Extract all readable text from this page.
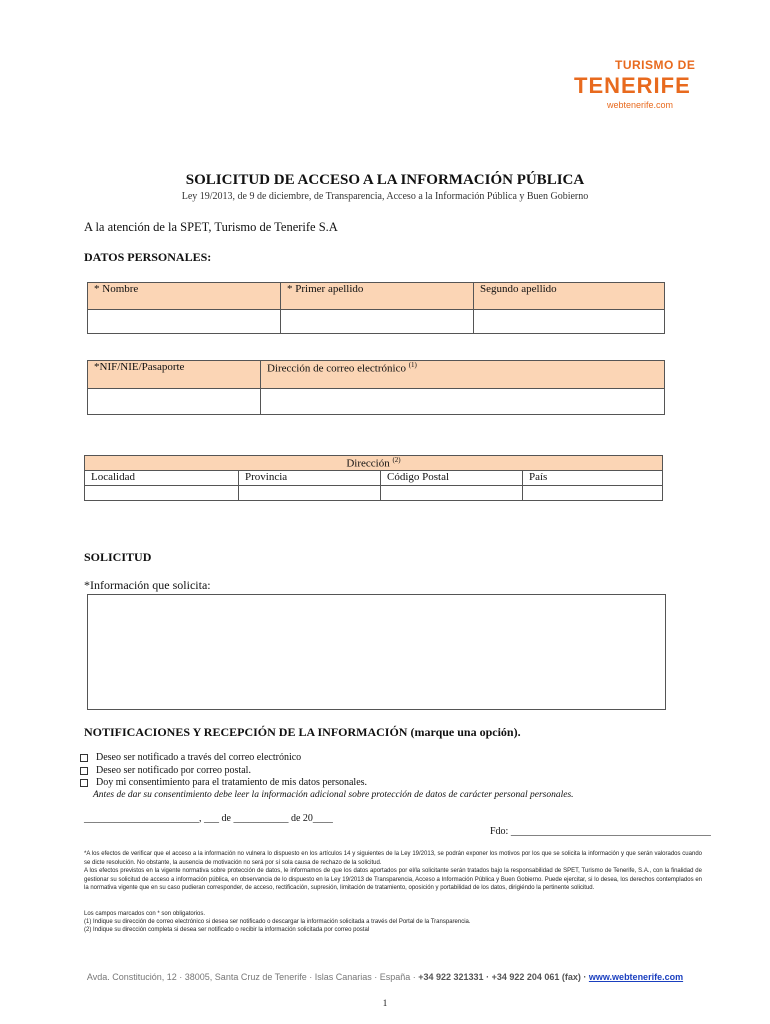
TURISMO DE
TENERIFE
webtenerife.com
SOLICITUD DE ACCESO A LA INFORMACIÓN PÚBLICA
Ley 19/2013, de 9 de diciembre, de Transparencia, Acceso a la Información Pública y Buen Gobierno
A la atención de la SPET, Turismo de Tenerife S.A
DATOS PERSONALES:
* Nombre	* Primer apellido	Segundo apellido

*NIF/NIE/Pasaporte	Dirección de correo electrónico $^{(1)}$

Dirección $^{(2)}$
Localidad	Provincia	Código Postal	País

SOLICITUD
*Información que solicita:
NOTIFICACIONES Y RECEPCIÓN DE LA INFORMACIÓN (marque una opción).
Deseo ser notificado a través del correo electrónico
Deseo ser notificado por correo postal.
Doy mi consentimiento para el tratamiento de mis datos personales.
Antes de dar su consentimiento debe leer la información adicional sobre protección de datos de carácter personal personales.
_______________________, ___ de ___________ de 20____
Fdo: ________________________________________
*A los efectos de verificar que el acceso a la información no vulnera lo dispuesto en los artículos 14 y siguientes de la Ley 19/2013, se podrán exponer los motivos por los que se solicita la información y que serán valorados cuando se dicte resolución. No obstante, la ausencia de motivación no será por sí sola causa de rechazo de la solicitud.
A los efectos previstos en la vigente normativa sobre protección de datos, le informamos de que los datos aportados por el/la solicitante serán tratados bajo la responsabilidad de SPET, Turismo de Tenerife, S.A., con la finalidad de gestionar su solicitud de acceso a información pública, en observancia de lo dispuesto en la Ley 19/2013 de Transparencia, Acceso a Información Pública y Buen Gobierno. Puede ejercitar, si lo desea, los derechos contemplados en la normativa vigente que en su caso pudieran corresponder, de acceso, rectificación, supresión, limitación de tratamiento, oposición y portabilidad de los datos, dirigiéndo la pertinente solicitud.
Los campos marcados con * son obligatorios.
(1) Indique su dirección de correo electrónico si desea ser notificado o descargar la información solicitada a través del Portal de la Transparencia.
(2) Indique su dirección completa si desea ser notificado o recibir la información solicitada por correo postal
Avda. Constitución, 12 · 38005, Santa Cruz de Tenerife · Islas Canarias · España · +34 922 321331 · +34 922 204 061 (fax) · www.webtenerife.com
1
